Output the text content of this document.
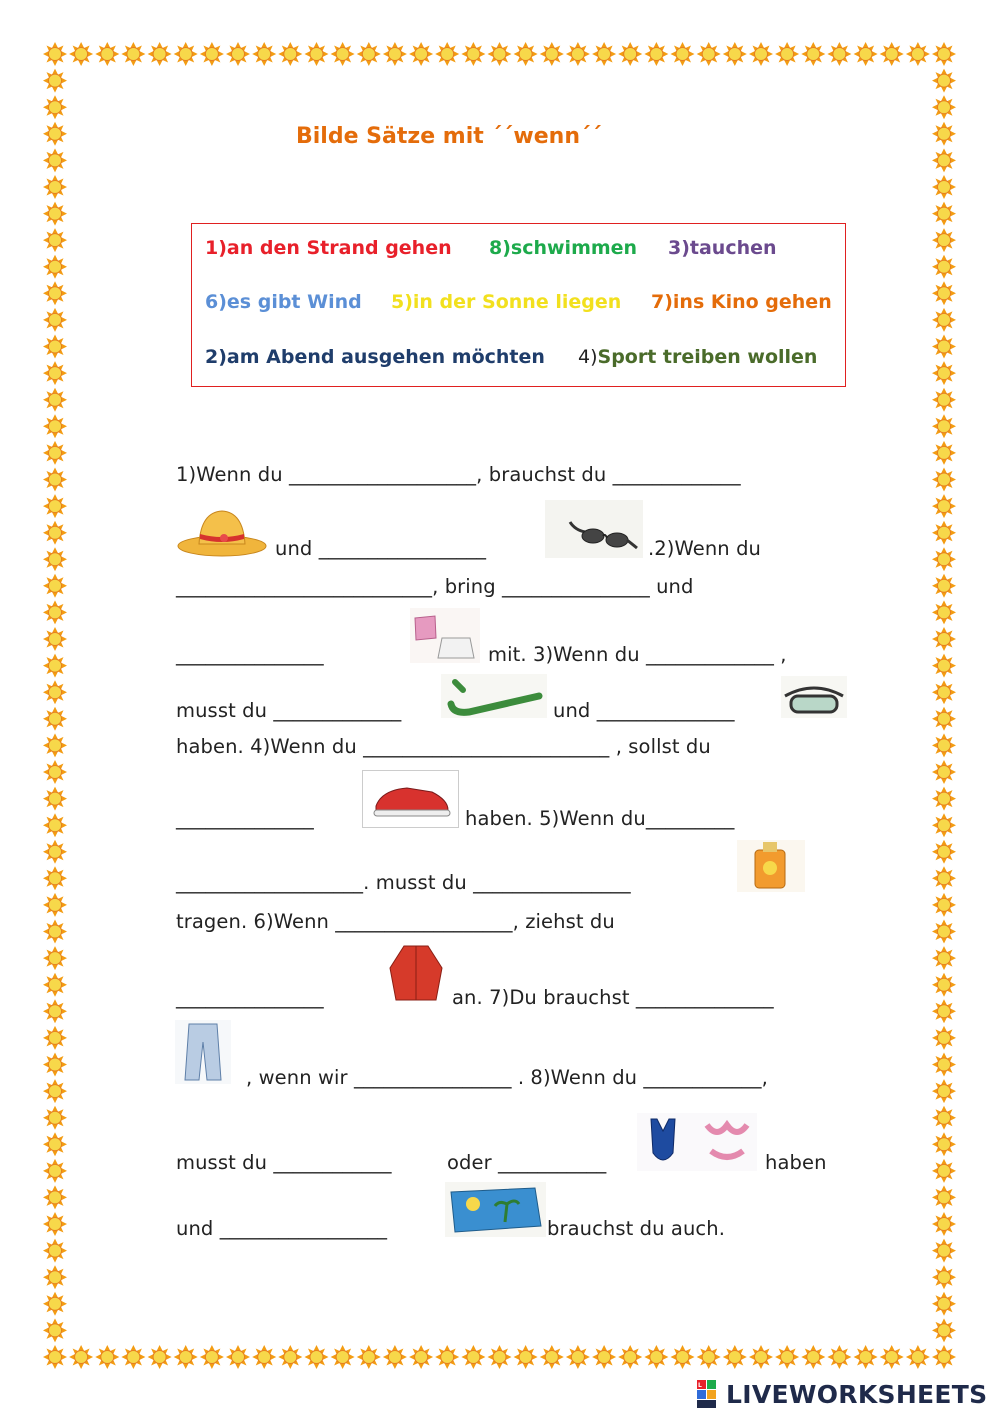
Bilde Sätze mit ´´wenn´´
1)an den Strand gehen 8)schwimmen 3)tauchen
6)es gibt Wind 5)in der Sonne liegen 7)ins Kino gehen
2)am Abend ausgehen möchten 4)Sport treiben wollen
1)Wenn du ___________________, brauchst du _____________
und _________________	.2)Wenn du
__________________________, bring _______________ und
_______________	mit. 3)Wenn du _____________ ,
musst du _____________	und ______________
haben. 4)Wenn du _________________________ , sollst du
______________	haben. 5)Wenn du_________
___________________. musst du ________________
tragen. 6)Wenn __________________, ziehst du
_______________	an. 7)Du brauchst ______________
, wenn wir ________________ . 8)Wenn du ____________,
musst du ____________	oder ___________	haben
und _________________	brauchst du auch.
L LIVEWORKSHEETS
